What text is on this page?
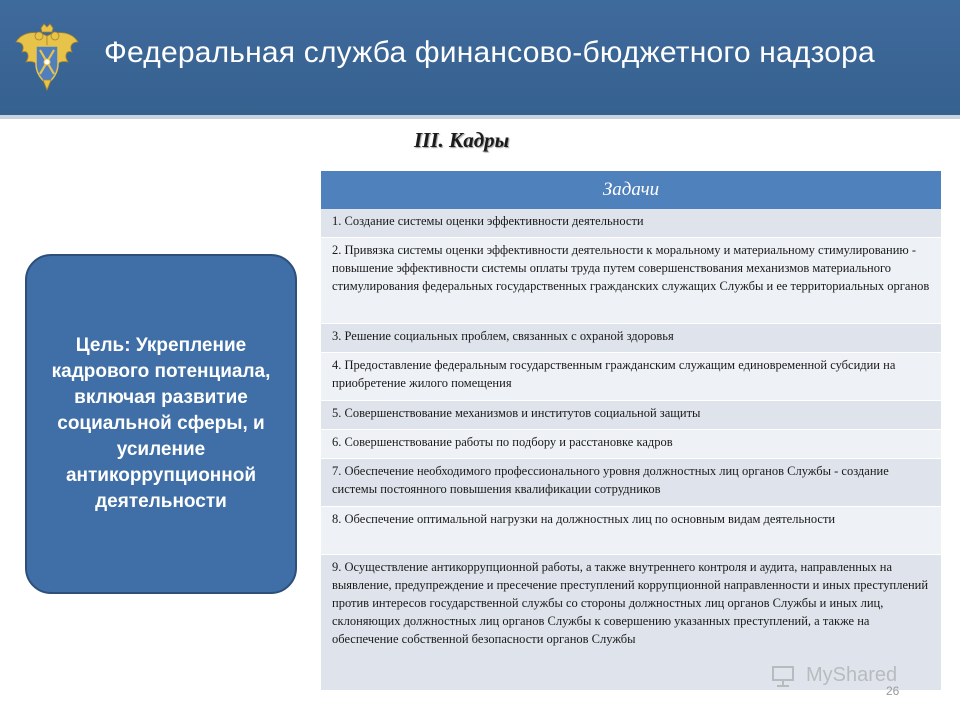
Федеральная служба финансово-бюджетного надзора
III. Кадры
Цель: Укрепление кадрового потенциала, включая развитие социальной сферы, и усиление антикоррупционной деятельности
Задачи
1. Создание системы оценки эффективности деятельности
2. Привязка системы оценки эффективности деятельности к моральному и материальному стимулированию - повышение эффективности системы оплаты труда путем совершенствования механизмов материального стимулирования федеральных государственных гражданских служащих Службы и ее территориальных органов
3. Решение социальных проблем, связанных с охраной здоровья
4. Предоставление федеральным государственным гражданским служащим единовременной субсидии на приобретение жилого помещения
5. Совершенствование механизмов и институтов социальной защиты
6. Совершенствование работы по подбору и расстановке кадров
7. Обеспечение необходимого профессионального уровня должностных лиц органов Службы - создание системы постоянного повышения квалификации сотрудников
8. Обеспечение оптимальной нагрузки на должностных лиц по основным видам деятельности
9. Осуществление антикоррупционной работы, а также внутреннего контроля и аудита, направленных на выявление, предупреждение и пресечение преступлений коррупционной направленности и иных преступлений против интересов государственной службы со стороны должностных лиц органов Службы и иных лиц, склоняющих должностных лиц органов Службы к совершению указанных преступлений, а также на обеспечение собственной безопасности органов Службы
MyShared
26
